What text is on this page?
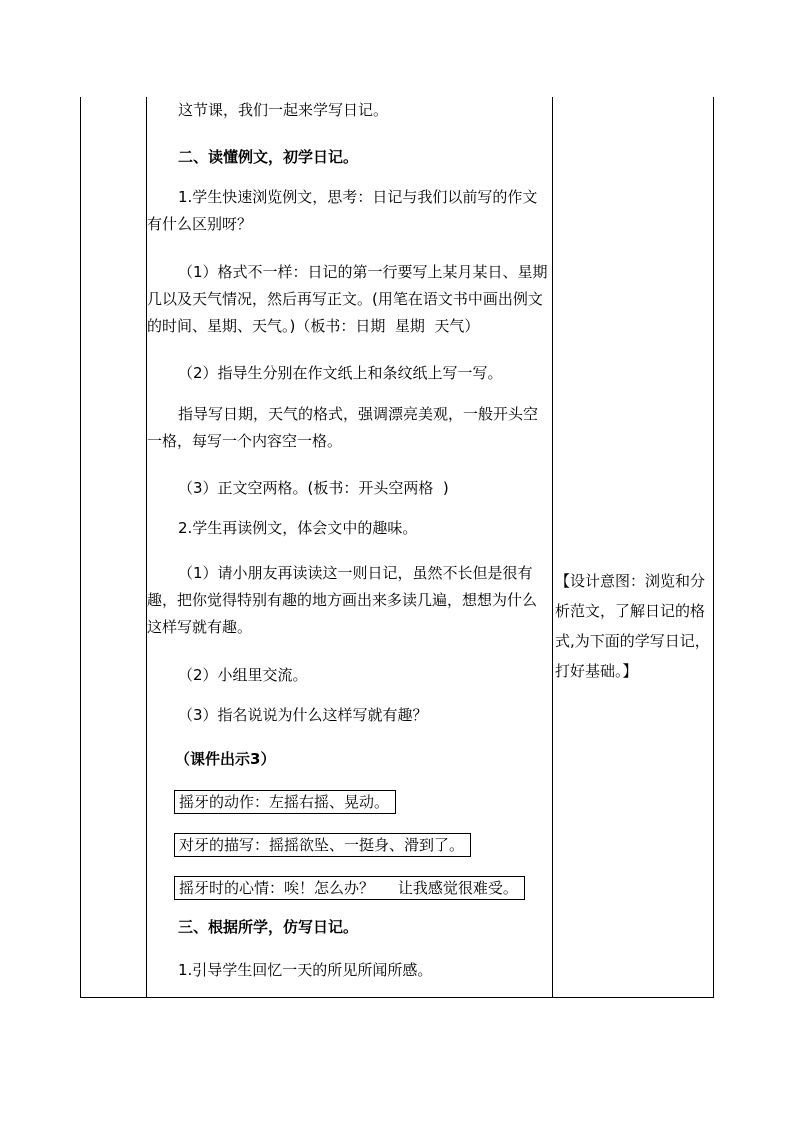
这节课，我们一起来学写日记。
二、读懂例文，初学日记。
1.学生快速浏览例文，思考：日记与我们以前写的作文有什么区别呀？
（1）格式不一样：日记的第一行要写上某月某日、星期几以及天气情况，然后再写正文。(用笔在语文书中画出例文的时间、星期、天气。)（板书：日期  星期  天气）
（2）指导生分别在作文纸上和条纹纸上写一写。
指导写日期，天气的格式，强调漂亮美观，一般开头空一格，每写一个内容空一格。
（3）正文空两格。(板书：开头空两格  )
2.学生再读例文，体会文中的趣味。
（1）请小朋友再读读这一则日记，虽然不长但是很有趣，把你觉得特别有趣的地方画出来多读几遍，想想为什么这样写就有趣。
（2）小组里交流。
（3）指名说说为什么这样写就有趣？
（课件出示3）
摇牙的动作：左摇右摇、晃动。
对牙的描写：摇摇欲坠、一挺身、滑到了。
摇牙时的心情：唉！怎么办？     让我感觉很难受。
三、根据所学，仿写日记。
1.引导学生回忆一天的所见所闻所感。
【设计意图：浏览和分析范文，了解日记的格式,为下面的学写日记，打好基础。】
